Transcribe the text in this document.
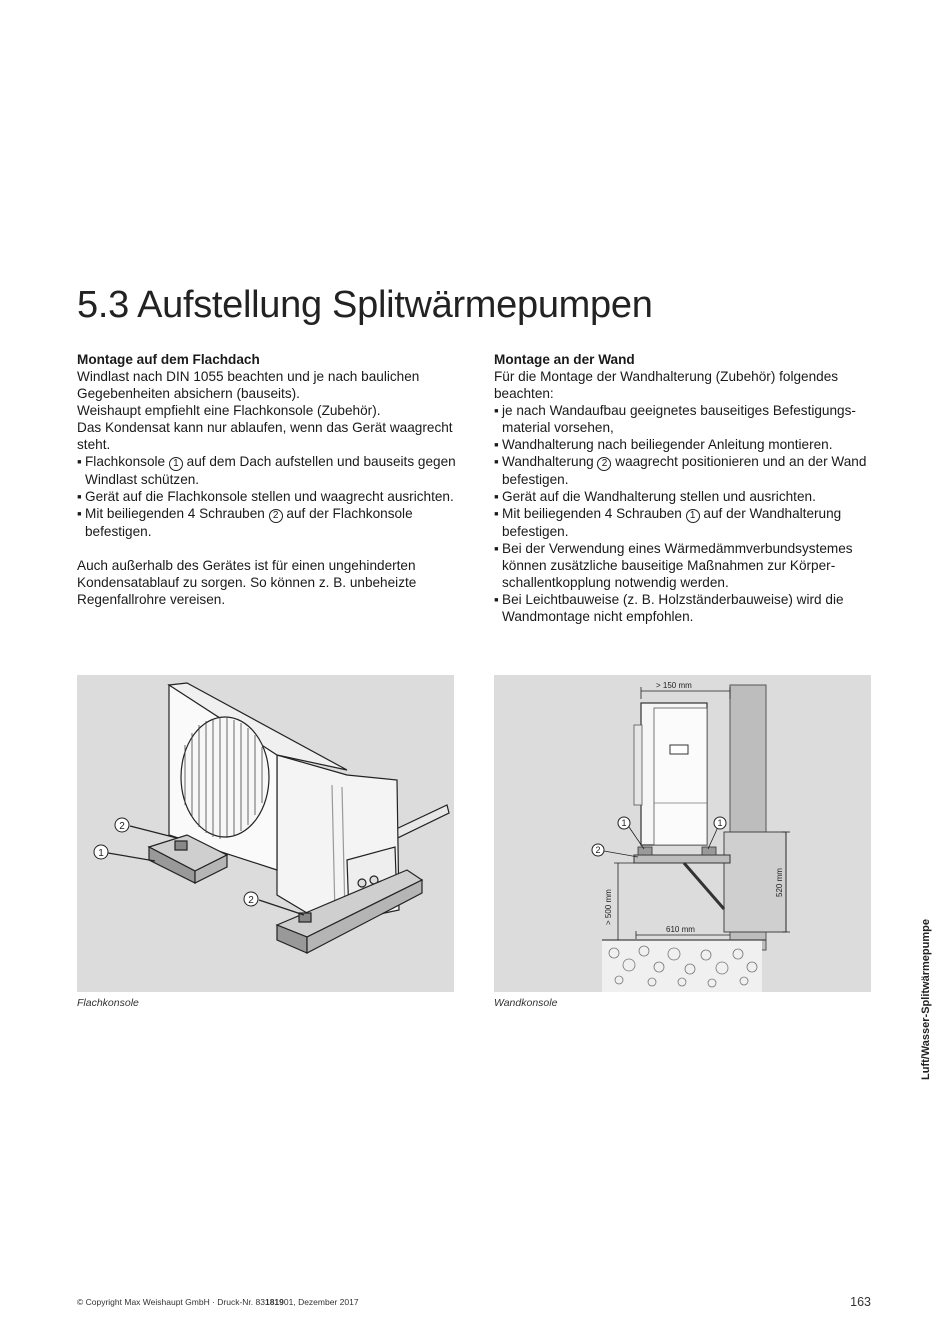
5.3 Aufstellung Splitwärmepumpen
Montage auf dem Flachdach

Windlast nach DIN 1055 beachten und je nach baulichen

Gegebenheiten absichern (bauseits).

Weishaupt empfiehlt eine Flachkonsole (Zubehör).

Das Kondensat kann nur ablaufen, wenn das Gerät waagrecht

steht.

▪ Flachkonsole 1 auf dem Dach aufstellen und bauseits gegen Windlast schützen.
▪ Gerät auf die Flachkonsole stellen und waagrecht ausrichten.
▪ Mit beiliegenden 4 Schrauben 2 auf der Flachkonsole befestigen.

Auch außerhalb des Gerätes ist für einen ungehinderten

Kondensatablauf zu sorgen. So können z. B. unbeheizte

Regenfallrohre vereisen.

Montage an der Wand

Für die Montage der Wandhalterung (Zubehör) folgendes

beachten:

▪ je nach Wandaufbau geeignetes bauseitiges Befestigungs-material vorsehen,
▪ Wandhalterung nach beiliegender Anleitung montieren.
▪ Wandhalterung 2 waagrecht positionieren und an der Wand befestigen.
▪ Gerät auf die Wandhalterung stellen und ausrichten.
▪ Mit beiliegenden 4 Schrauben 1 auf der Wandhalterung befestigen.
▪ Bei der Verwendung eines Wärmedämmverbundsystemes können zusätzliche bauseitige Maßnahmen zur Körper-schallentkopplung notwendig werden.
▪ Bei Leichtbauweise (z. B. Holzständerbauweise) wird die Wandmontage nicht empfohlen.
2
1
2
Flachkonsole
> 150 mm
> 500 mm
610 mm
520 mm
1	1
2
Wandkonsole	Luft/Wasser-Splitwärmepumpe
© Copyright Max Weishaupt GmbH · Druck-Nr. 83181901, Dezember 2017	163
